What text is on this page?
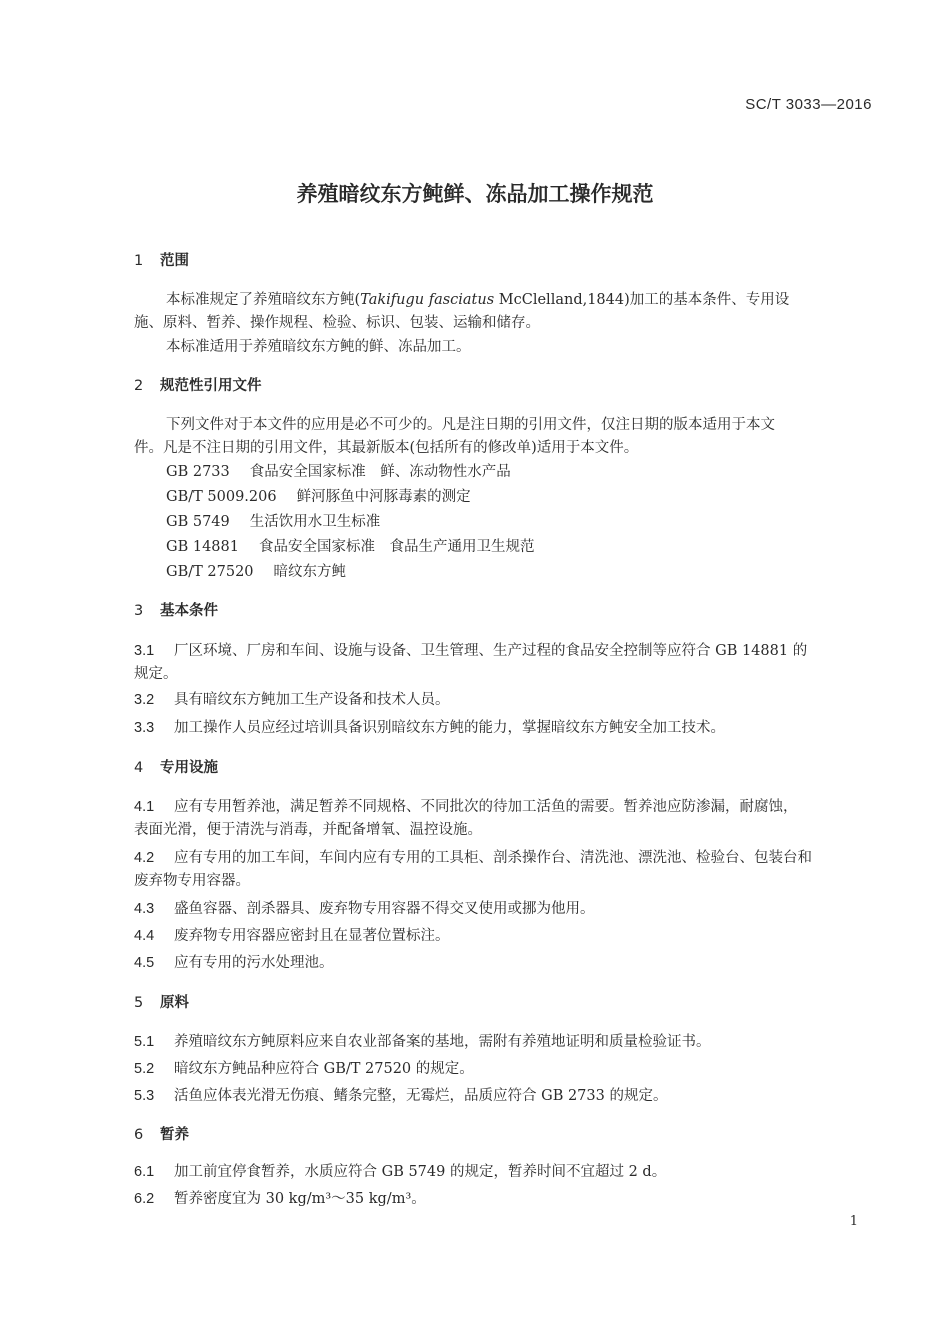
SC/T 3033—2016
养殖暗纹东方鲀鲜、冻品加工操作规范
1 范围
本标准规定了养殖暗纹东方鲀(Takifugu fasciatus McClelland,1844)加工的基本条件、专用设
施、原料、暂养、操作规程、检验、标识、包装、运输和储存。
本标准适用于养殖暗纹东方鲀的鲜、冻品加工。
2 规范性引用文件
下列文件对于本文件的应用是必不可少的。凡是注日期的引用文件，仅注日期的版本适用于本文
件。凡是不注日期的引用文件，其最新版本(包括所有的修改单)适用于本文件。
GB 2733 食品安全国家标准　鲜、冻动物性水产品
GB/T 5009.206 鲜河豚鱼中河豚毒素的测定
GB 5749 生活饮用水卫生标准
GB 14881 食品安全国家标准　食品生产通用卫生规范
GB/T 27520 暗纹东方鲀
3 基本条件
3.1 厂区环境、厂房和车间、设施与设备、卫生管理、生产过程的食品安全控制等应符合 GB 14881 的
规定。
3.2 具有暗纹东方鲀加工生产设备和技术人员。
3.3 加工操作人员应经过培训具备识别暗纹东方鲀的能力，掌握暗纹东方鲀安全加工技术。
4 专用设施
4.1 应有专用暂养池，满足暂养不同规格、不同批次的待加工活鱼的需要。暂养池应防渗漏，耐腐蚀，
表面光滑，便于清洗与消毒，并配备增氧、温控设施。
4.2 应有专用的加工车间，车间内应有专用的工具柜、剖杀操作台、清洗池、漂洗池、检验台、包装台和
废弃物专用容器。
4.3 盛鱼容器、剖杀器具、废弃物专用容器不得交叉使用或挪为他用。
4.4 废弃物专用容器应密封且在显著位置标注。
4.5 应有专用的污水处理池。
5 原料
5.1 养殖暗纹东方鲀原料应来自农业部备案的基地，需附有养殖地证明和质量检验证书。
5.2 暗纹东方鲀品种应符合 GB/T 27520 的规定。
5.3 活鱼应体表光滑无伤痕、鳍条完整，无霉烂，品质应符合 GB 2733 的规定。
6 暂养
6.1 加工前宜停食暂养，水质应符合 GB 5749 的规定，暂养时间不宜超过 2 d。
6.2 暂养密度宜为 30 kg/m³～35 kg/m³。
1
